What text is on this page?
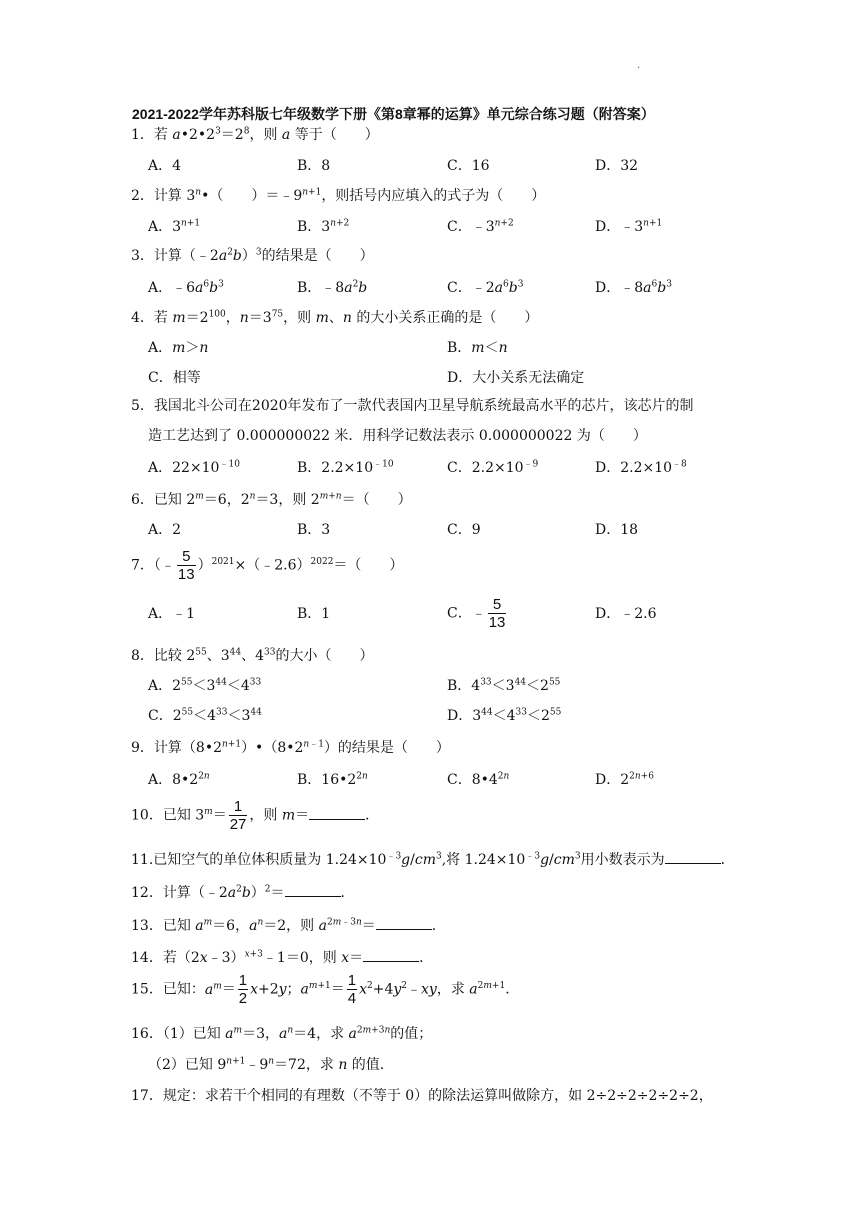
.
2021-2022学年苏科版七年级数学下册《第8章幂的运算》单元综合练习题（附答案）
1．若 $a•2•2^3=2^8$，则 a 等于（　　）
A．4	B．8	C．16	D．32
2．计算 3$^n$•（　　）$=﹣9^{n+1}$，则括号内应填入的式子为（　　）
A．$3^{n+1}$	B．$3^{n+2}$	C．$﹣3^{n+2}$	D．$﹣3^{n+1}$
3．计算$(﹣2a^2b)^3$的结果是（　　）
A．$﹣6a^6b^3$	B．$﹣8a^2b$	C．$﹣2a^6b^3$	D．$﹣8a^6b^3$
4．若 $m=2^{100}$，$n=3^{75}$，则 m、n 的大小关系正确的是（　　）
A．m＞n	B．m＜n
C．相等	D．大小关系无法确定
5．我国北斗公司在2020年发布了一款代表国内卫星导航系统最高水平的芯片，该芯片的制
造工艺达到了 0.000000022 米．用科学记数法表示 0.000000022 为（　　）
A．$22\times 10^{﹣10}$	B．$2.2\times 10^{﹣10}$	C．$2.2\times 10^{﹣9}$	D．$2.2\times 10^{﹣8}$
6．已知 $2^m=6$，$2^n=3$，则 $2^{m+n}=$（　　）
A．2	B．3	C．9	D．18
7．（﹣ $\frac{5}{13}$ ）$^{2021}$×（﹣2.6）$^{2022}$＝（　　）
A．﹣1	B．1	C．﹣ $\frac{5}{13}$	D．﹣2.6
8．比较 $2^{55}$、$3^{44}$、$4^{33}$的大小（　　）
A．$2^{55}<3^{44}<4^{33}$	B．$4^{33}<3^{44}<2^{55}$
C．$2^{55}<4^{33}<3^{44}$	D．$3^{44}<4^{33}<2^{55}$
9．计算$(8•2^{n+1})•(8•2^{n﹣1})$的结果是（　　）
A．$8•2^{2n}$	B．$16•2^{2n}$	C．$8•4^{2n}$	D．$2^{2n+6}$
10．已知 $3^m= \frac{1}{27}$ ，则 m＝	．
11.已知空气的单位体积质量为 $1.24\times 10^{﹣3}g/cm^3$,将 $1.24\times 10^{﹣3}g/cm^3$用小数表示为	．
12．计算$(﹣2a^2b)^2=$	．
13．已知 $a^m=6$，$a^n=2$，则 $a^{2m﹣3n}=$	．
14．若（2x﹣3）$^{x+3}$﹣1＝0，则 x＝	．
15．已知：$a^m= \frac{1}{2} x+2y$；$a^{m+1}= \frac{1}{4}$ $x^2+4y^2﹣xy$，求 $a^{2m+1}$．
16．（1）已知 $a^m=3$，$a^n=4$，求 $a^{2m+3n}$的值；
（2）已知 $9^{n+1}﹣9^n=72$，求 n 的值．
17．规定：求若干个相同的有理数（不等于 0）的除法运算叫做除方，如 2÷2÷2÷2÷2÷2，
